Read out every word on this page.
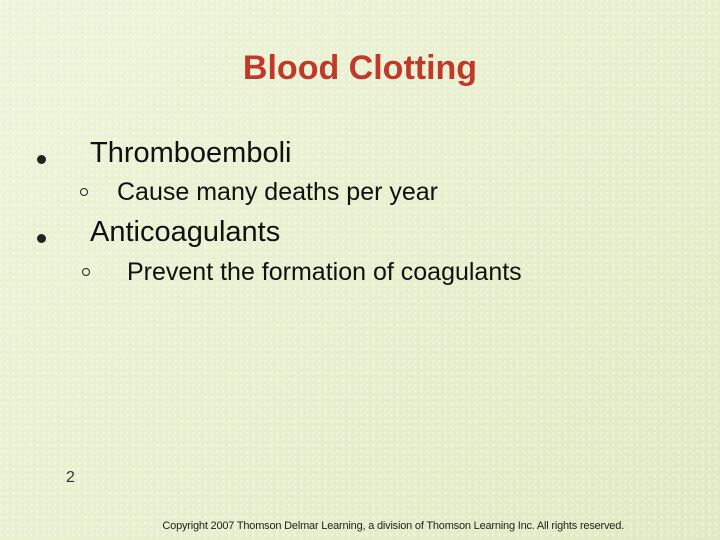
Blood Clotting
Thromboemboli
Cause many deaths per year
Anticoagulants
Prevent the formation of coagulants
2
Copyright 2007 Thomson Delmar Learning, a division of Thomson Learning Inc. All rights reserved.
